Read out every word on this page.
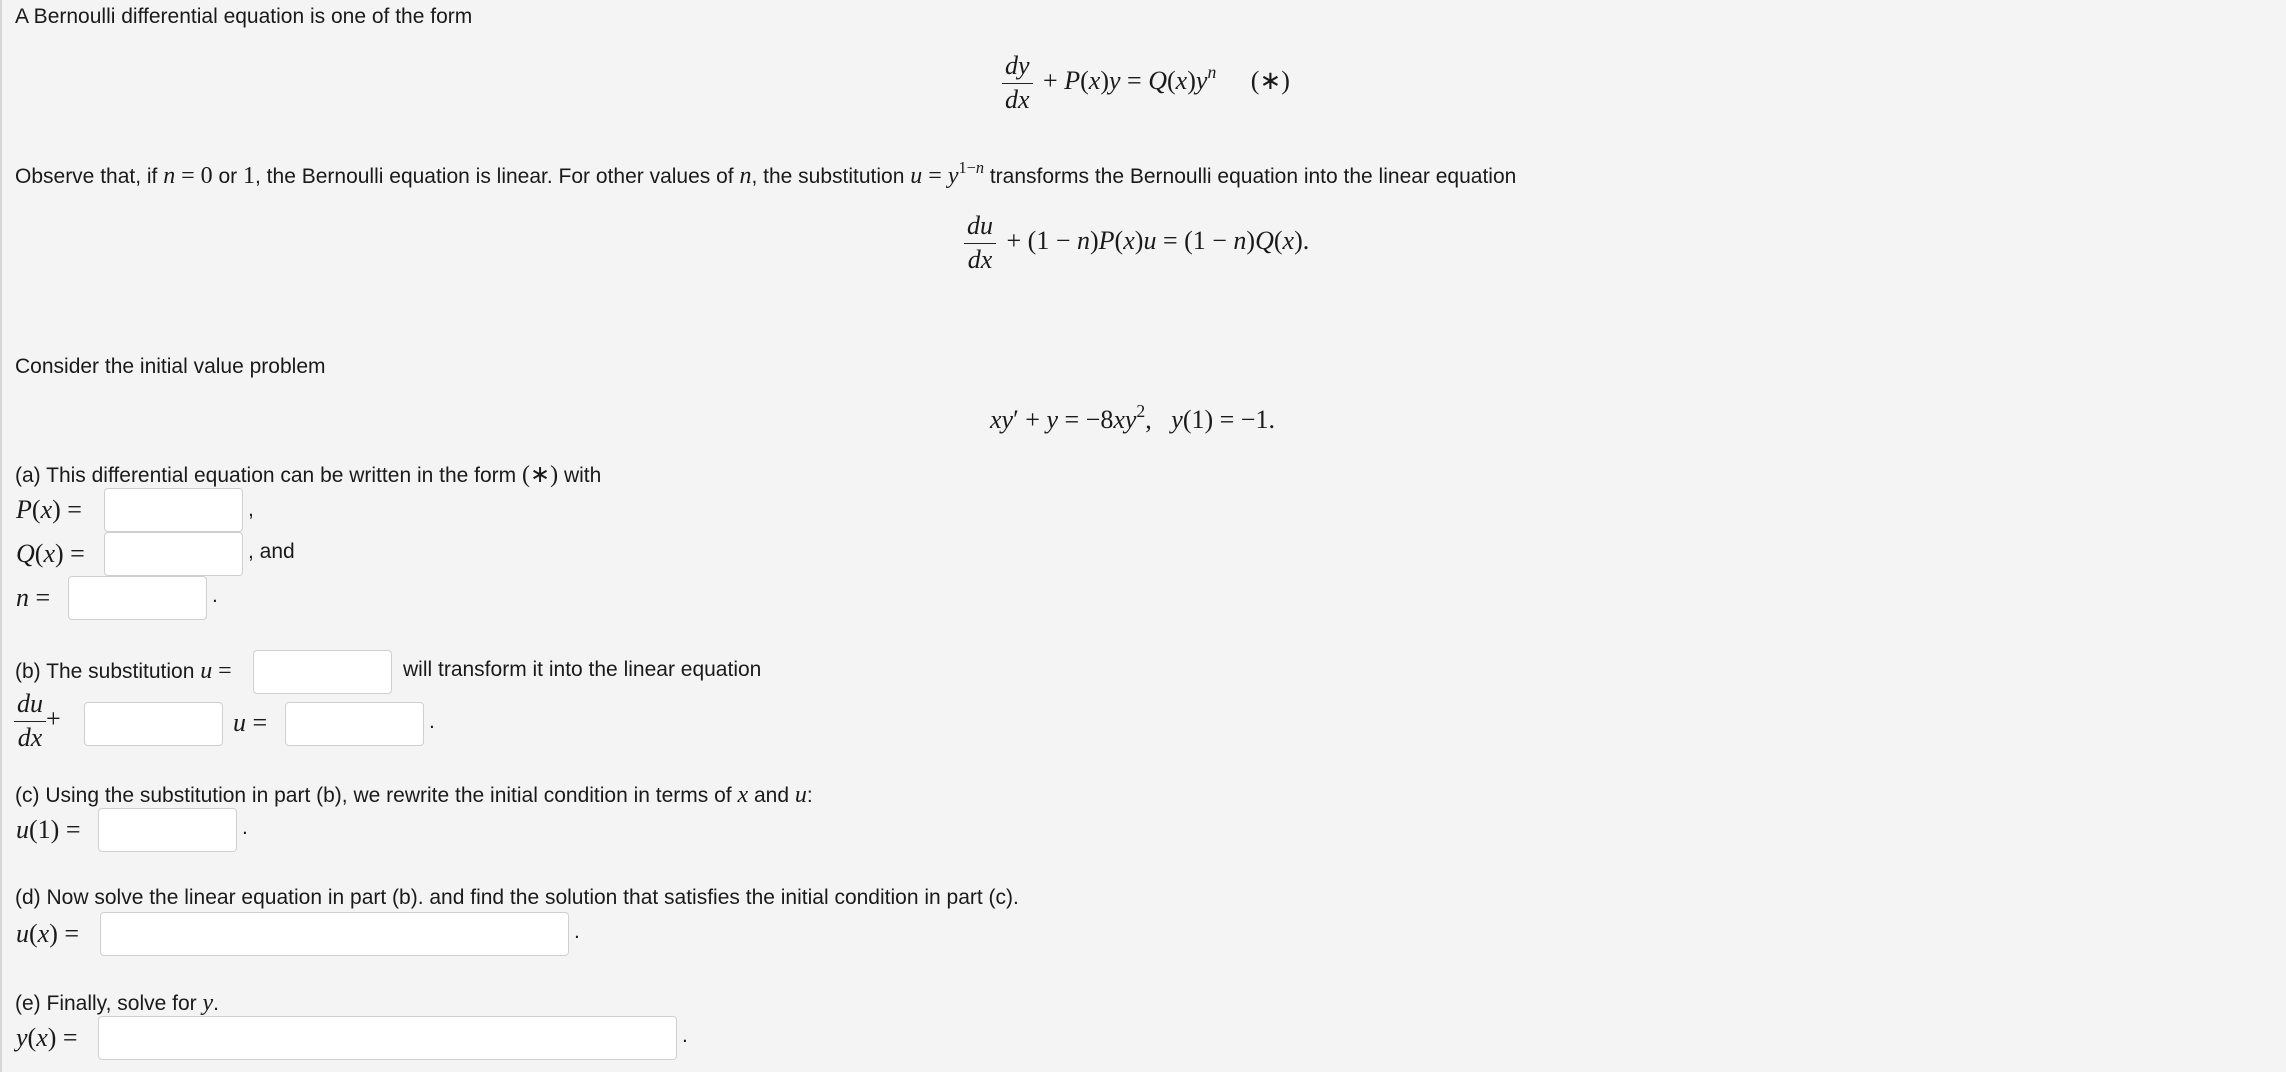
A Bernoulli differential equation is one of the form
$\frac{dy}{dx} + P(x)y = Q(x)y^n$ (∗)
Observe that, if n = 0 or 1, the Bernoulli equation is linear. For other values of n, the substitution $u = y^{1-n}$ transforms the Bernoulli equation into the linear equation
$\frac{du}{dx} + (1 - n)P(x)u = (1 - n)Q(x)$.
Consider the initial value problem
$xy' + y = -8xy^2$,   y(1) = −1.
(a) This differential equation can be written in the form (∗) with
P(x) =	,
Q(x) =	, and
n =	.
(b) The substitution u =	will transform it into the linear equation
$\frac{du}{dx}$ +	u =	.
(c) Using the substitution in part (b), we rewrite the initial condition in terms of x and u:
u(1) =	.
(d) Now solve the linear equation in part (b). and find the solution that satisfies the initial condition in part (c).
u(x) =	.
(e) Finally, solve for y.
y(x) =	.
